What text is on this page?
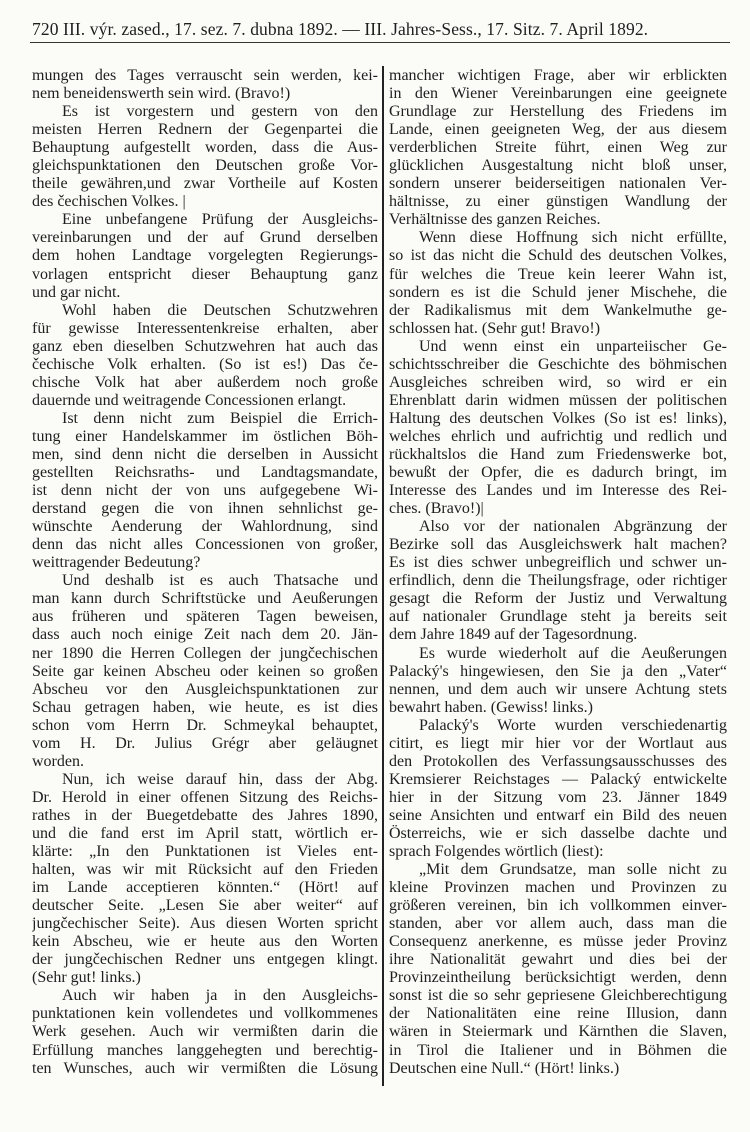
720 III. výr. zased., 17. sez. 7. dubna 1892. — III. Jahres-Sess., 17. Sitz. 7. April 1892.
mungen des Tages verrauscht sein werden, kei-
nem beneidenswerth sein wird. (Bravo!)
Es ist vorgestern und gestern von den
meisten Herren Rednern der Gegenpartei die
Behauptung aufgestellt worden, dass die Aus-
gleichspunktationen den Deutschen große Vor-
theile gewähren,und zwar Vortheile auf Kosten
des čechischen Volkes. |
Eine unbefangene Prüfung der Ausgleichs-
vereinbarungen und der auf Grund derselben
dem hohen Landtage vorgelegten Regierungs-
vorlagen entspricht dieser Behauptung ganz
und gar nicht.
Wohl haben die Deutschen Schutzwehren
für gewisse Interessentenkreise erhalten, aber
ganz eben dieselben Schutzwehren hat auch das
čechische Volk erhalten. (So ist es!) Das če-
chische Volk hat aber außerdem noch große
dauernde und weitragende Concessionen erlangt.
Ist denn nicht zum Beispiel die Errich-
tung einer Handelskammer im östlichen Böh-
men, sind denn nicht die derselben in Aussicht
gestellten Reichsraths- und Landtagsmandate,
ist denn nicht der von uns aufgegebene Wi-
derstand gegen die von ihnen sehnlichst ge-
wünschte Aenderung der Wahlordnung, sind
denn das nicht alles Concessionen von großer,
weittragender Bedeutung?
Und deshalb ist es auch Thatsache und
man kann durch Schriftstücke und Aeußerungen
aus früheren und späteren Tagen beweisen,
dass auch noch einige Zeit nach dem 20. Jän-
ner 1890 die Herren Collegen der jungčechischen
Seite gar keinen Abscheu oder keinen so großen
Abscheu vor den Ausgleichspunktationen zur
Schau getragen haben, wie heute, es ist dies
schon vom Herrn Dr. Schmeykal behauptet,
vom H. Dr. Julius Grégr aber geläugnet
worden.
Nun, ich weise darauf hin, dass der Abg.
Dr. Herold in einer offenen Sitzung des Reichs-
rathes in der Buegetdebatte des Jahres 1890,
und die fand erst im April statt, wörtlich er-
klärte: „In den Punktationen ist Vieles ent-
halten, was wir mit Rücksicht auf den Frieden
im Lande acceptieren könnten.“ (Hört! auf
deutscher Seite. „Lesen Sie aber weiter“ auf
jungčechischer Seite). Aus diesen Worten spricht
kein Abscheu, wie er heute aus den Worten
der jungčechischen Redner uns entgegen klingt.
(Sehr gut! links.)
Auch wir haben ja in den Ausgleichs-
punktationen kein vollendetes und vollkommenes
Werk gesehen. Auch wir vermißten darin die
Erfüllung manches langgehegten und berechtig-
ten Wunsches, auch wir vermißten die Lösung
mancher wichtigen Frage, aber wir erblickten
in den Wiener Vereinbarungen eine geeignete
Grundlage zur Herstellung des Friedens im
Lande, einen geeigneten Weg, der aus diesem
verderblichen Streite führt, einen Weg zur
glücklichen Ausgestaltung nicht bloß unser,
sondern unserer beiderseitigen nationalen Ver-
hältnisse, zu einer günstigen Wandlung der
Verhältnisse des ganzen Reiches.
Wenn diese Hoffnung sich nicht erfüllte,
so ist das nicht die Schuld des deutschen Volkes,
für welches die Treue kein leerer Wahn ist,
sondern es ist die Schuld jener Mischehe, die
der Radikalismus mit dem Wankelmuthe ge-
schlossen hat. (Sehr gut! Bravo!)
Und wenn einst ein unparteiischer Ge-
schichtsschreiber die Geschichte des böhmischen
Ausgleiches schreiben wird, so wird er ein
Ehrenblatt darin widmen müssen der politischen
Haltung des deutschen Volkes (So ist es! links),
welches ehrlich und aufrichtig und redlich und
rückhaltslos die Hand zum Friedenswerke bot,
bewußt der Opfer, die es dadurch bringt, im
Interesse des Landes und im Interesse des Rei-
ches. (Bravo!)|
Also vor der nationalen Abgränzung der
Bezirke soll das Ausgleichswerk halt machen?
Es ist dies schwer unbegreiflich und schwer un-
erfindlich, denn die Theilungsfrage, oder richtiger
gesagt die Reform der Justiz und Verwaltung
auf nationaler Grundlage steht ja bereits seit
dem Jahre 1849 auf der Tagesordnung.
Es wurde wiederholt auf die Aeußerungen
Palacký's hingewiesen, den Sie ja den „Vater“
nennen, und dem auch wir unsere Achtung stets
bewahrt haben. (Gewiss! links.)
Palacký's Worte wurden verschiedenartig
citirt, es liegt mir hier vor der Wortlaut aus
den Protokollen des Verfassungsausschusses des
Kremsierer Reichstages — Palacký entwickelte
hier in der Sitzung vom 23. Jänner 1849
seine Ansichten und entwarf ein Bild des neuen
Österreichs, wie er sich dasselbe dachte und
sprach Folgendes wörtlich (liest):
„Mit dem Grundsatze, man solle nicht zu
kleine Provinzen machen und Provinzen zu
größeren vereinen, bin ich vollkommen einver-
standen, aber vor allem auch, dass man die
Consequenz anerkenne, es müsse jeder Provinz
ihre Nationalität gewahrt und dies bei der
Provinzeintheilung berücksichtigt werden, denn
sonst ist die so sehr gepriesene Gleichberechtigung
der Nationalitäten eine reine Illusion, dann
wären in Steiermark und Kärnthen die Slaven,
in Tirol die Italiener und in Böhmen die
Deutschen eine Null.“ (Hört! links.)
